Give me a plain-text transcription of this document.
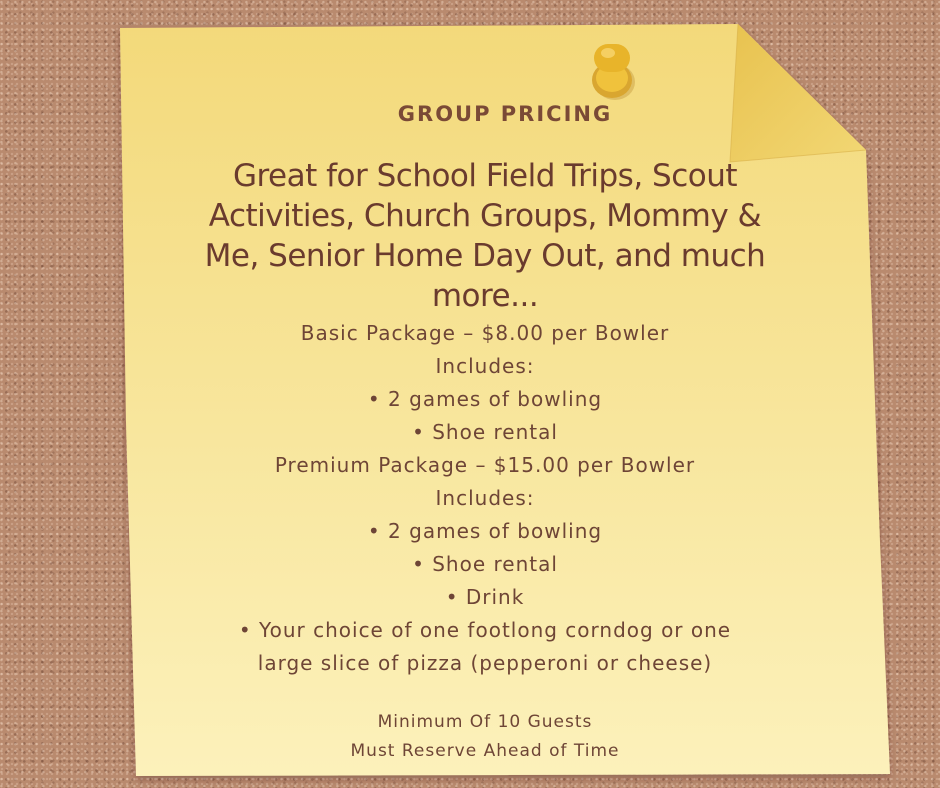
GROUP PRICING
Great for School Field Trips, Scout Activities, Church Groups, Mommy & Me, Senior Home Day Out, and much more...
Basic Package – $8.00 per Bowler
Includes:
• 2 games of bowling
• Shoe rental
Premium Package – $15.00 per Bowler
Includes:
• 2 games of bowling
• Shoe rental
• Drink
• Your choice of one footlong corndog or one large slice of pizza (pepperoni or cheese)
Minimum Of 10 Guests
Must Reserve Ahead of Time
